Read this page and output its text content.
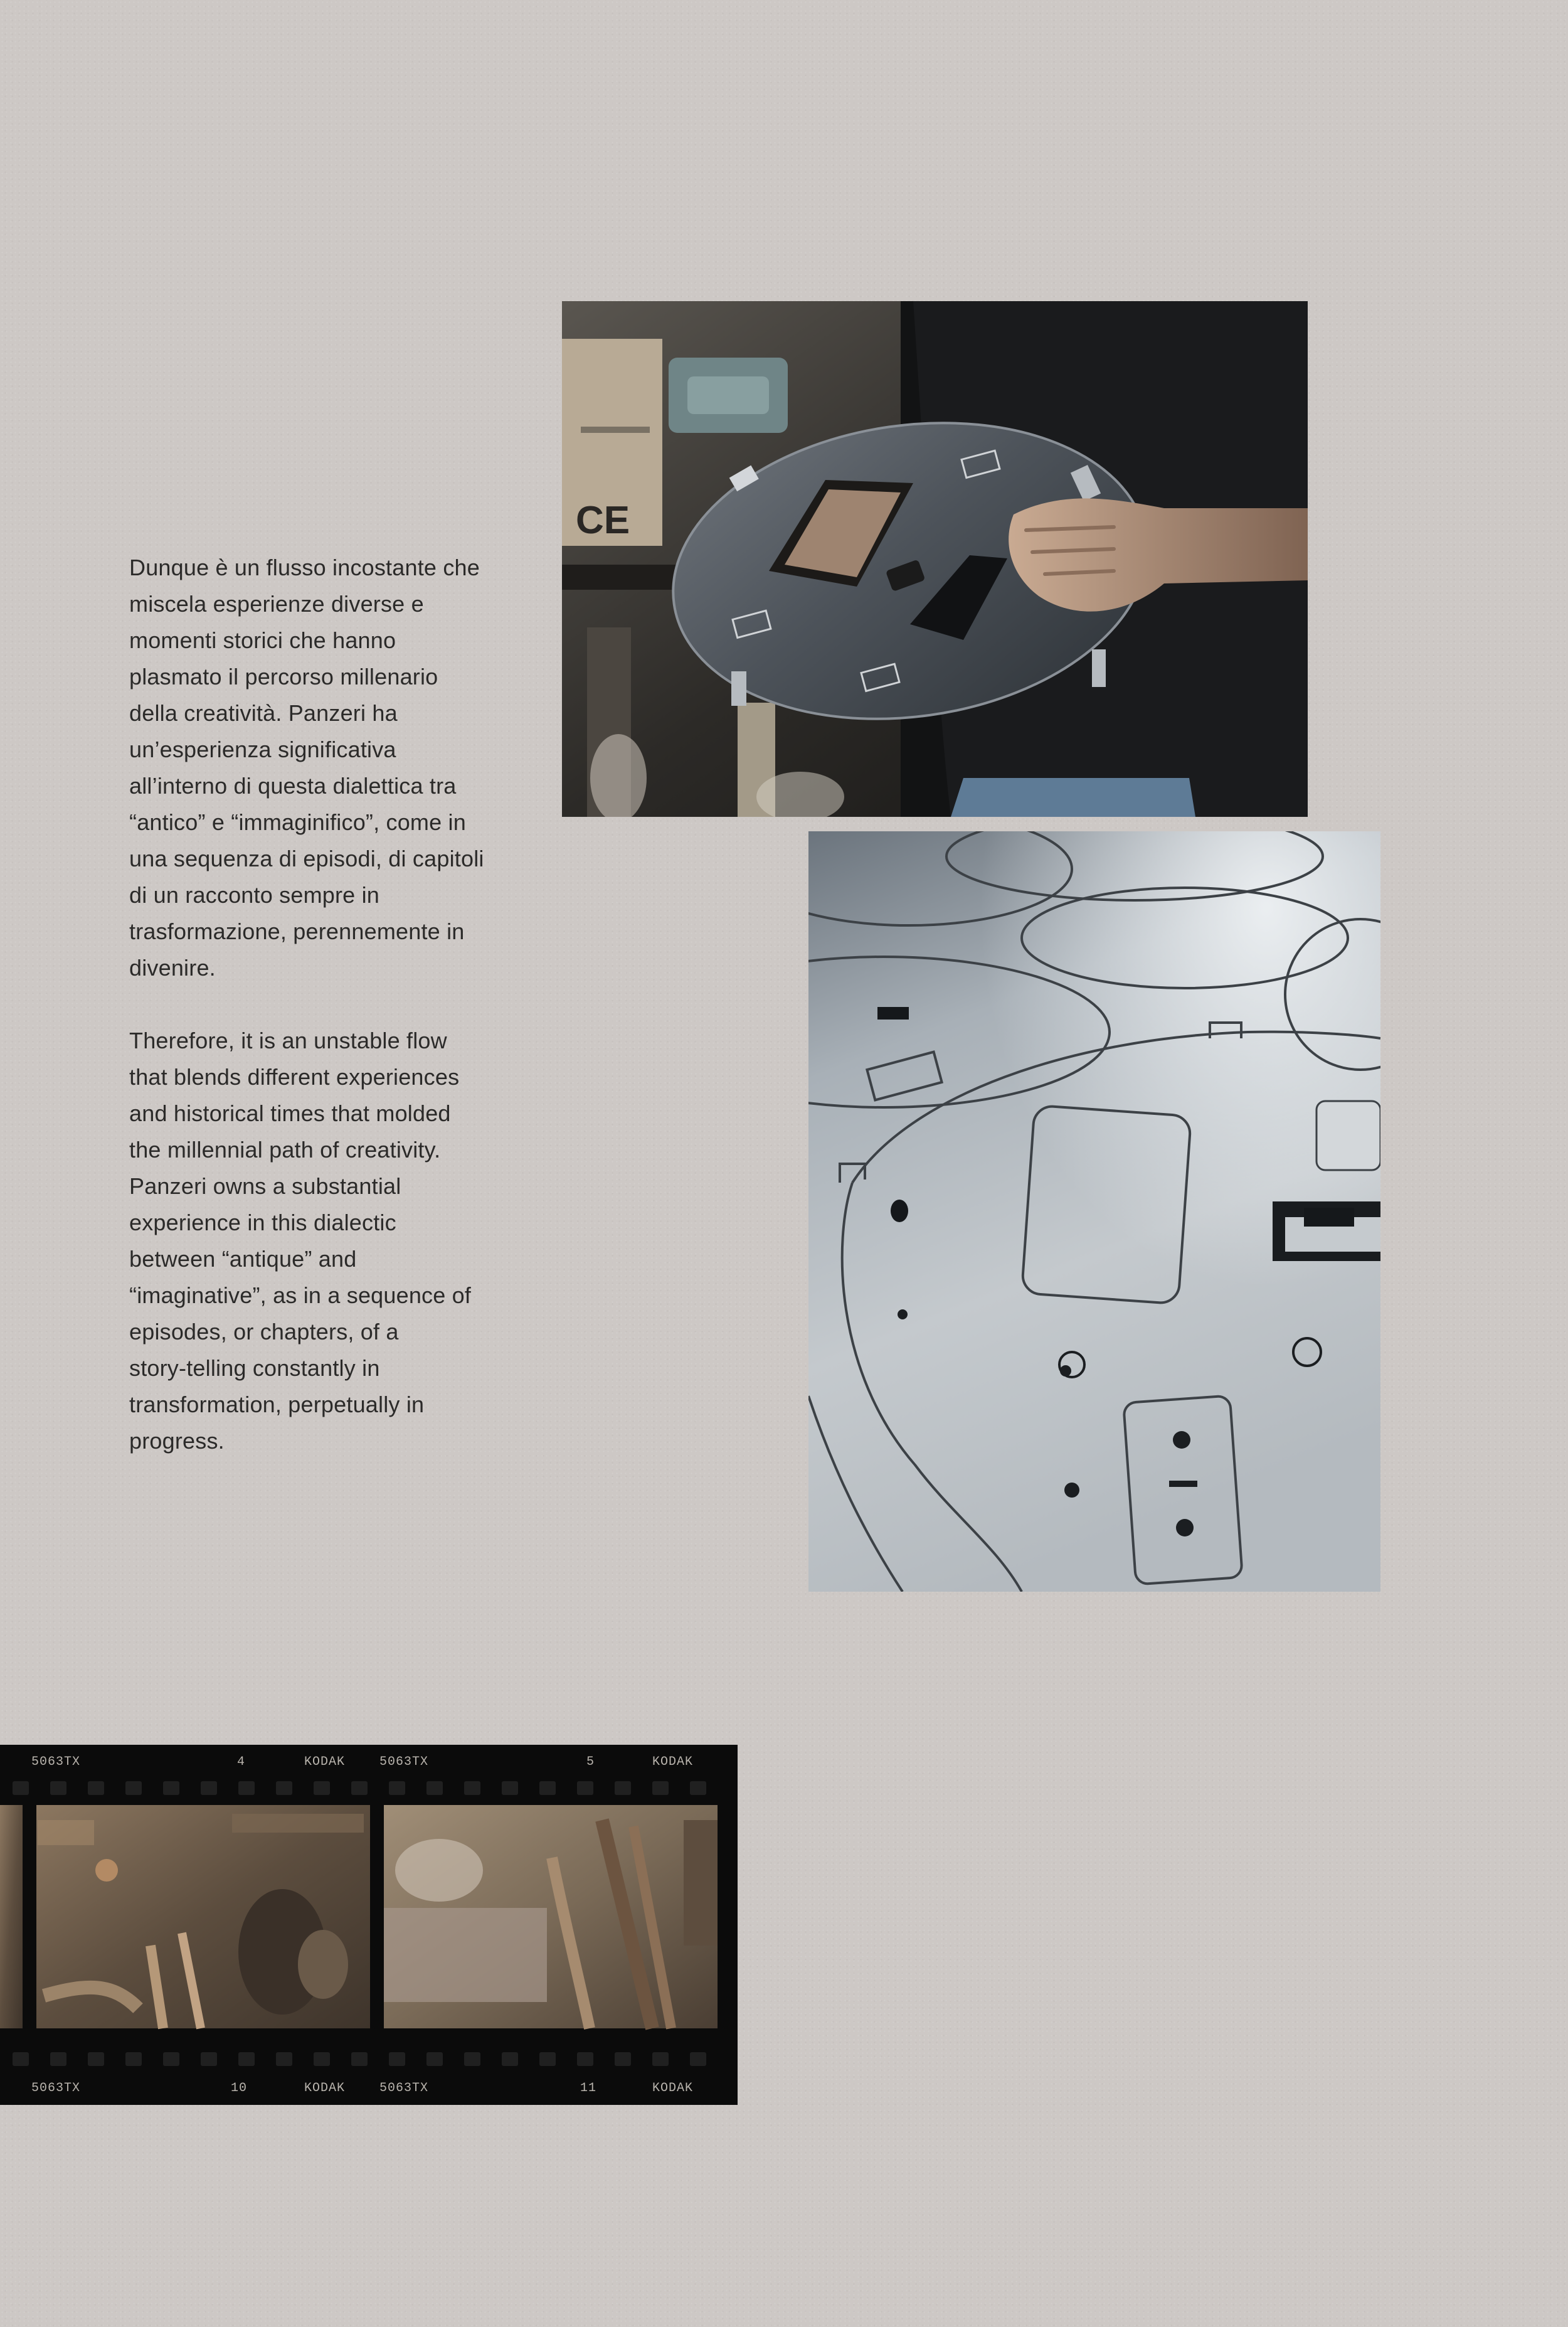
Dunque è un flusso incostante che
miscela esperienze diverse e
momenti storici che hanno
plasmato il percorso millenario
della creatività. Panzeri ha
un’esperienza significativa
all’interno di questa dialettica tra
“antico” e “immaginifico”, come in
una sequenza di episodi, di capitoli
di un racconto sempre in
trasformazione, perennemente in
divenire.

Therefore, it is an unstable flow
that blends different experiences
and historical times that molded
the millennial path of creativity.
Panzeri owns a substantial
experience in this dialectic
between “antique” and
“imaginative”, as in a sequence of
episodes, or chapters, of a
story-telling constantly in
transformation, perpetually in
progress.

CE
5063TX	4	KODAK	5063TX	5	KODAK
5063TX	10	KODAK	5063TX	11	KODAK
